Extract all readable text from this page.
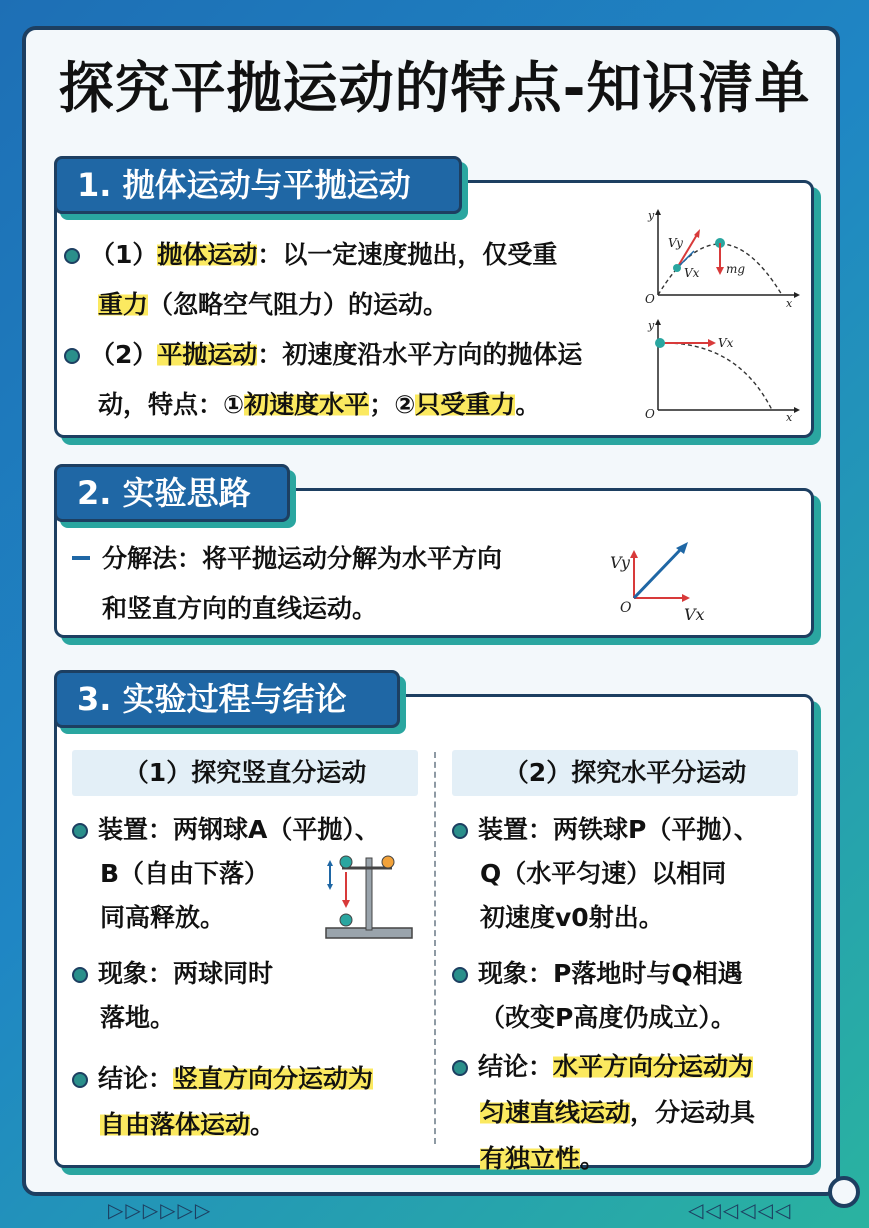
探究平抛运动的特点-知识清单
1. 抛体运动与平抛运动
（1）抛体运动：以一定速度抛出，仅受重
重力（忽略空气阻力）的运动。
（2）平抛运动：初速度沿水平方向的抛体运
动，特点：①初速度水平；②只受重力。
y
x
O
Vy
Vx mg
y
x
O
Vx
2. 实验思路
分解法：将平抛运动分解为水平方向
和竖直方向的直线运动。
Vy
Vx
O
3. 实验过程与结论
（1）探究竖直分运动	（2）探究水平分运动
装置：两钢球A（平抛）、
B（自由下落）
同高释放。
现象：两球同时
落地。
结论：竖直方向分运动为
自由落体运动。
装置：两铁球P（平抛）、
Q（水平匀速）以相同
初速度v0射出。
现象：P落地时与Q相遇
（改变P高度仍成立）。
结论：水平方向分运动为
匀速直线运动，分运动具
有独立性。
▷▷▷▷▷▷	◁◁◁◁◁◁
